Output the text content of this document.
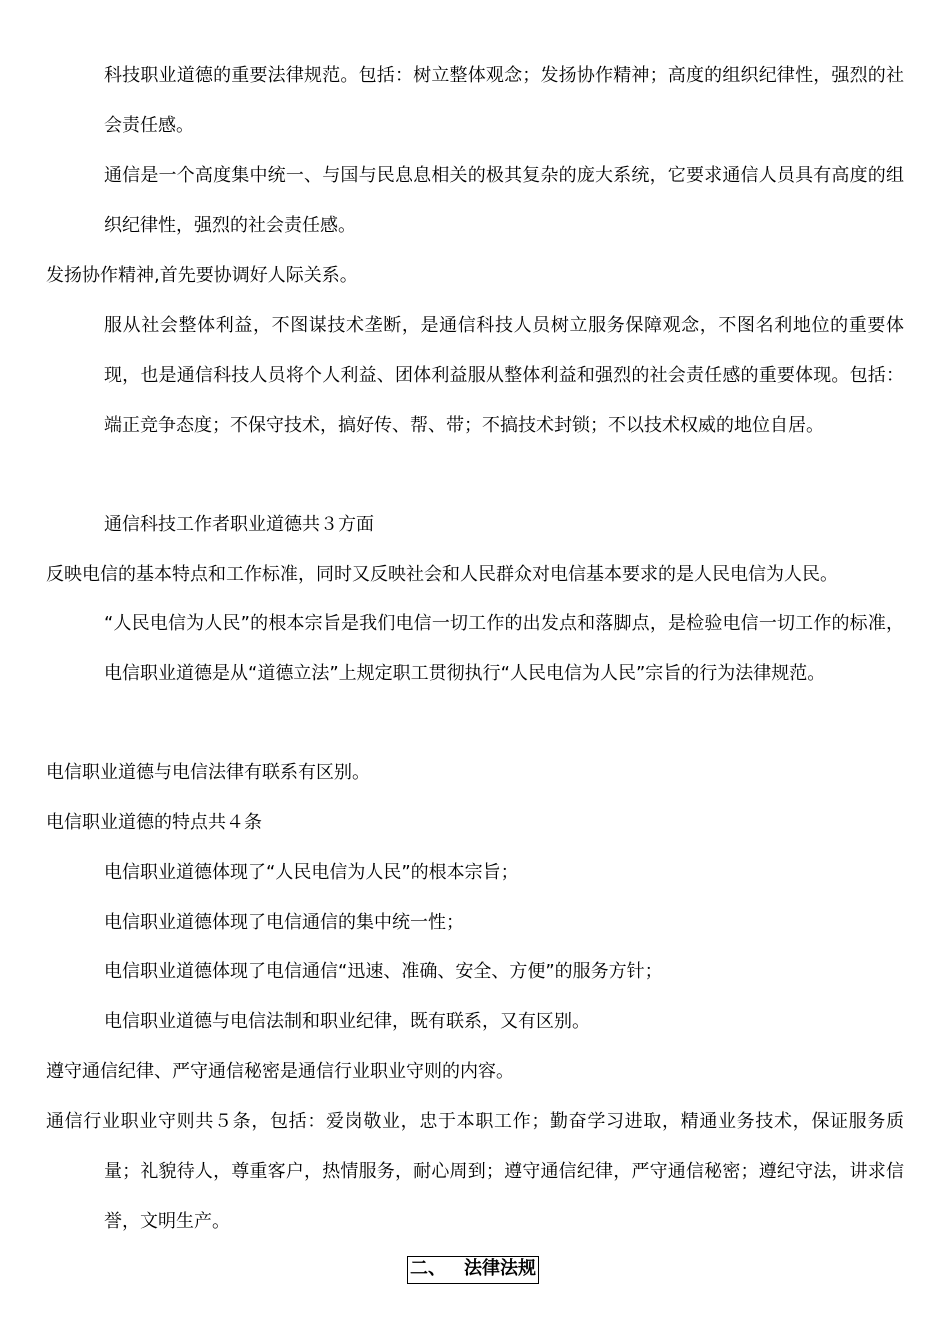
科技职业道德的重要法律规范。包括：树立整体观念；发扬协作精神；高度的组织纪律性，强烈的社会责任感。

通信是一个高度集中统一、与国与民息息相关的极其复杂的庞大系统，它要求通信人员具有高度的组织纪律性，强烈的社会责任感。

发扬协作精神,首先要协调好人际关系。

服从社会整体利益，不图谋技术垄断，是通信科技人员树立服务保障观念，不图名利地位的重要体现，也是通信科技人员将个人利益、团体利益服从整体利益和强烈的社会责任感的重要体现。包括：端正竞争态度；不保守技术，搞好传、帮、带；不搞技术封锁；不以技术权威的地位自居。

通信科技工作者职业道德共３方面

反映电信的基本特点和工作标准，同时又反映社会和人民群众对电信基本要求的是人民电信为人民。

“人民电信为人民”的根本宗旨是我们电信一切工作的出发点和落脚点，是检验电信一切工作的标准，电信职业道德是从“道德立法”上规定职工贯彻执行“人民电信为人民”宗旨的行为法律规范。

电信职业道德与电信法律有联系有区别。

电信职业道德的特点共４条

电信职业道德体现了“人民电信为人民”的根本宗旨；

电信职业道德体现了电信通信的集中统一性；

电信职业道德体现了电信通信“迅速、准确、安全、方便”的服务方针；

电信职业道德与电信法制和职业纪律，既有联系，又有区别。

遵守通信纪律、严守通信秘密是通信行业职业守则的内容。

通信行业职业守则共５条，包括：爱岗敬业，忠于本职工作；勤奋学习进取，精通业务技术，保证服务质量；礼貌待人，尊重客户，热情服务，耐心周到；遵守通信纪律，严守通信秘密；遵纪守法，讲求信誉，文明生产。

二、 法律法规
